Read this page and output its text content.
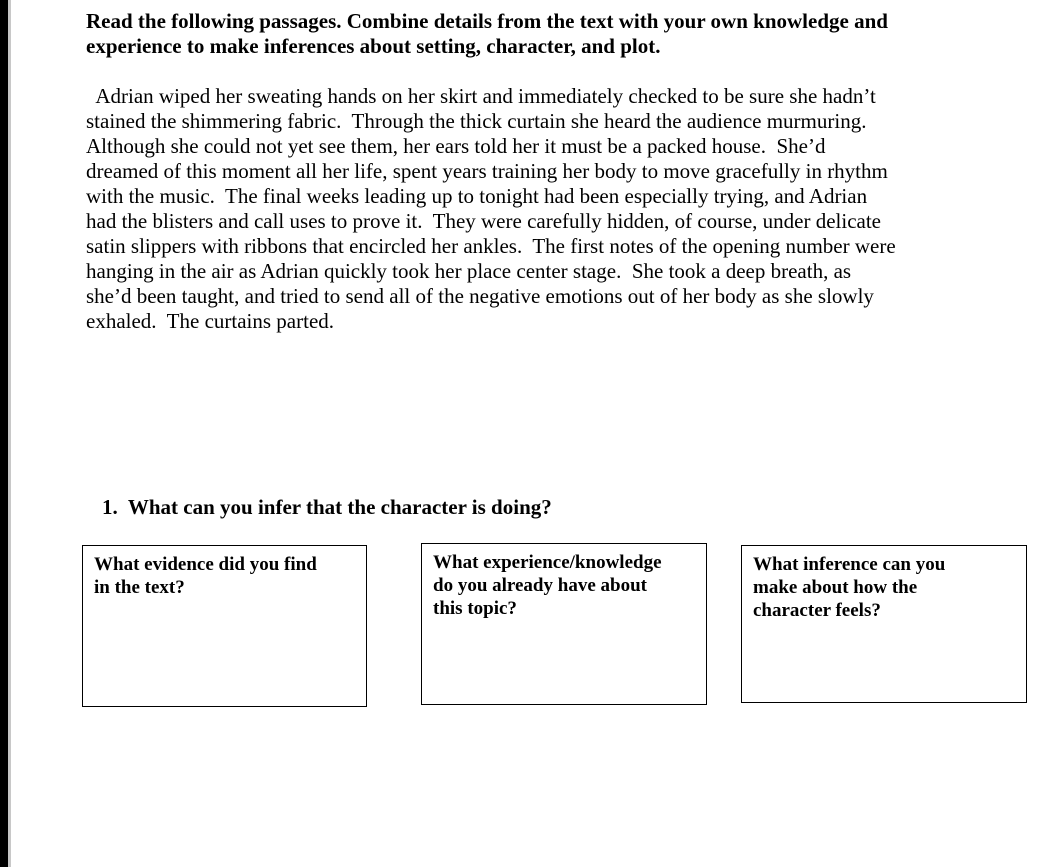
Read the following passages. Combine details from the text with your own knowledge and
experience to make inferences about setting, character, and plot.
Adrian wiped her sweating hands on her skirt and immediately checked to be sure she hadn’t
stained the shimmering fabric.  Through the thick curtain she heard the audience murmuring.
Although she could not yet see them, her ears told her it must be a packed house.  She’d
dreamed of this moment all her life, spent years training her body to move gracefully in rhythm
with the music.  The final weeks leading up to tonight had been especially trying, and Adrian
had the blisters and call uses to prove it.  They were carefully hidden, of course, under delicate
satin slippers with ribbons that encircled her ankles.  The first notes of the opening number were
hanging in the air as Adrian quickly took her place center stage.  She took a deep breath, as
she’d been taught, and tried to send all of the negative emotions out of her body as she slowly
exhaled.  The curtains parted.
1.  What can you infer that the character is doing?
What evidence did you find
in the text?
What experience/knowledge
do you already have about
this topic?
What inference can you
make about how the
character feels?
